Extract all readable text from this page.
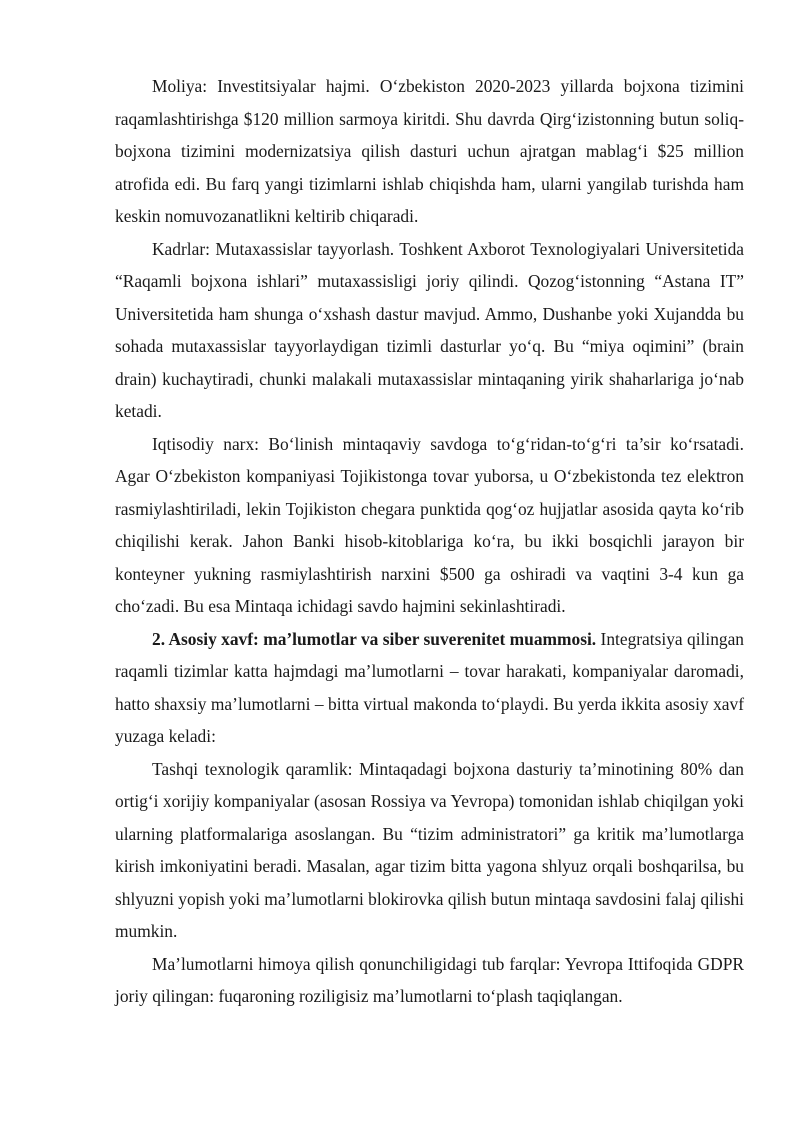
Moliya: Investitsiyalar hajmi. O‘zbekiston 2020-2023 yillarda bojxona tizimini raqamlashtirishga $120 million sarmoya kiritdi. Shu davrda Qirg‘izistonning butun soliq-bojxona tizimini modernizatsiya qilish dasturi uchun ajratgan mablag‘i $25 million atrofida edi. Bu farq yangi tizimlarni ishlab chiqishda ham, ularni yangilab turishda ham keskin nomuvozanatlikni keltirib chiqaradi.

Kadrlar: Mutaxassislar tayyorlash. Toshkent Axborot Texnologiyalari Universitetida “Raqamli bojxona ishlari” mutaxassisligi joriy qilindi. Qozog‘istonning “Astana IT” Universitetida ham shunga o‘xshash dastur mavjud. Ammo, Dushanbe yoki Xujandda bu sohada mutaxassislar tayyorlaydigan tizimli dasturlar yo‘q. Bu “miya oqimini” (brain drain) kuchaytiradi, chunki malakali mutaxassislar mintaqaning yirik shaharlariga jo‘nab ketadi.

Iqtisodiy narx: Bo‘linish mintaqaviy savdoga to‘g‘ridan-to‘g‘ri ta’sir ko‘rsatadi. Agar O‘zbekiston kompaniyasi Tojikistonga tovar yuborsa, u O‘zbekistonda tez elektron rasmiylashtiriladi, lekin Tojikiston chegara punktida qog‘oz hujjatlar asosida qayta ko‘rib chiqilishi kerak. Jahon Banki hisob-kitoblariga ko‘ra, bu ikki bosqichli jarayon bir konteyner yukning rasmiylashtirish narxini $500 ga oshiradi va vaqtini 3-4 kun ga cho‘zadi. Bu esa Mintaqa ichidagi savdo hajmini sekinlashtiradi.

2. Asosiy xavf: ma’lumotlar va siber suverenitet muammosi. Integratsiya qilingan raqamli tizimlar katta hajmdagi ma’lumotlarni – tovar harakati, kompaniyalar daromadi, hatto shaxsiy ma’lumotlarni – bitta virtual makonda to‘playdi. Bu yerda ikkita asosiy xavf yuzaga keladi:

Tashqi texnologik qaramlik: Mintaqadagi bojxona dasturiy ta’minotining 80% dan ortig‘i xorijiy kompaniyalar (asosan Rossiya va Yevropa) tomonidan ishlab chiqilgan yoki ularning platformalariga asoslangan. Bu “tizim administratori” ga kritik ma’lumotlarga kirish imkoniyatini beradi. Masalan, agar tizim bitta yagona shlyuz orqali boshqarilsa, bu shlyuzni yopish yoki ma’lumotlarni blokirovka qilish butun mintaqa savdosini falaj qilishi mumkin.

Ma’lumotlarni himoya qilish qonunchiligidagi tub farqlar: Yevropa Ittifoqida GDPR joriy qilingan: fuqaroning roziligisiz ma’lumotlarni to‘plash taqiqlangan.
